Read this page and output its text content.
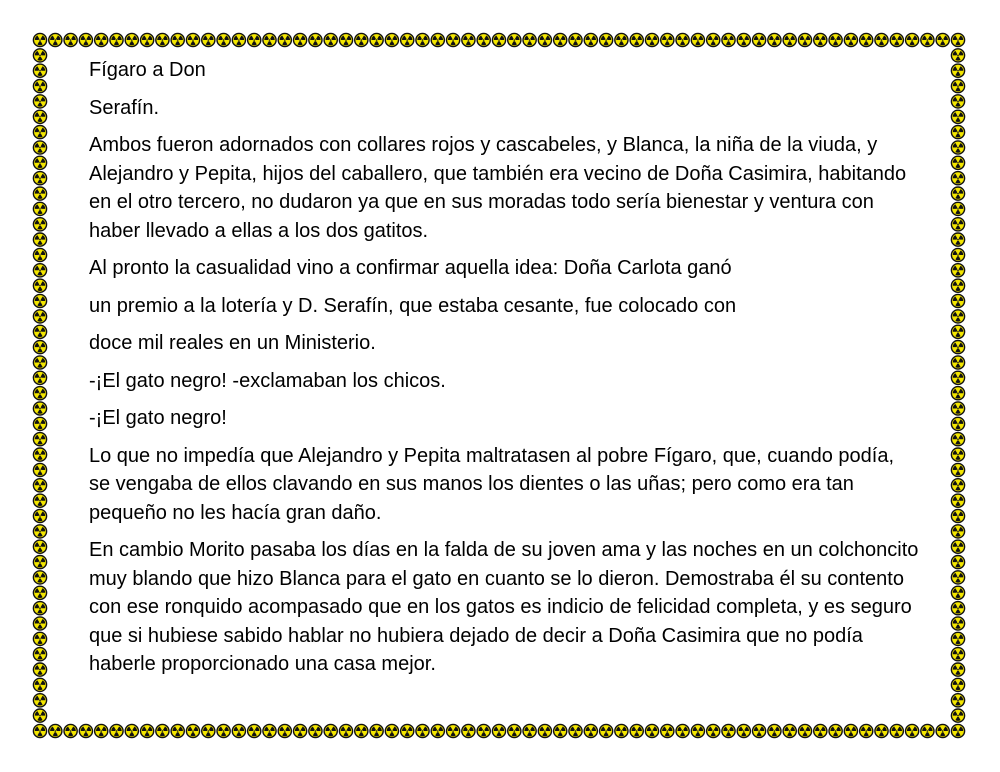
Fígaro a Don

Serafín.

Ambos fueron adornados con collares rojos y cascabeles, y Blanca, la niña de la viuda, y Alejandro y Pepita, hijos del caballero, que también era vecino de Doña Casimira, habitando en el otro tercero, no dudaron ya que en sus moradas todo sería bienestar y ventura con haber llevado a ellas a los dos gatitos.

Al pronto la casualidad vino a confirmar aquella idea: Doña Carlota ganó

un premio a la lotería y D. Serafín, que estaba cesante, fue colocado con

doce mil reales en un Ministerio.

-¡El gato negro! -exclamaban los chicos.

-¡El gato negro!

Lo que no impedía que Alejandro y Pepita maltratasen al pobre Fígaro, que, cuando podía, se vengaba de ellos clavando en sus manos los dientes o las uñas; pero como era tan pequeño no les hacía gran daño.

En cambio Morito pasaba los días en la falda de su joven ama y las noches en un colchoncito muy blando que hizo Blanca para el gato en cuanto se lo dieron. Demostraba él su contento con ese ronquido acompasado que en los gatos es indicio de felicidad completa, y es seguro que si hubiese sabido hablar no hubiera dejado de decir a Doña Casimira que no podía haberle proporcionado una casa mejor.
